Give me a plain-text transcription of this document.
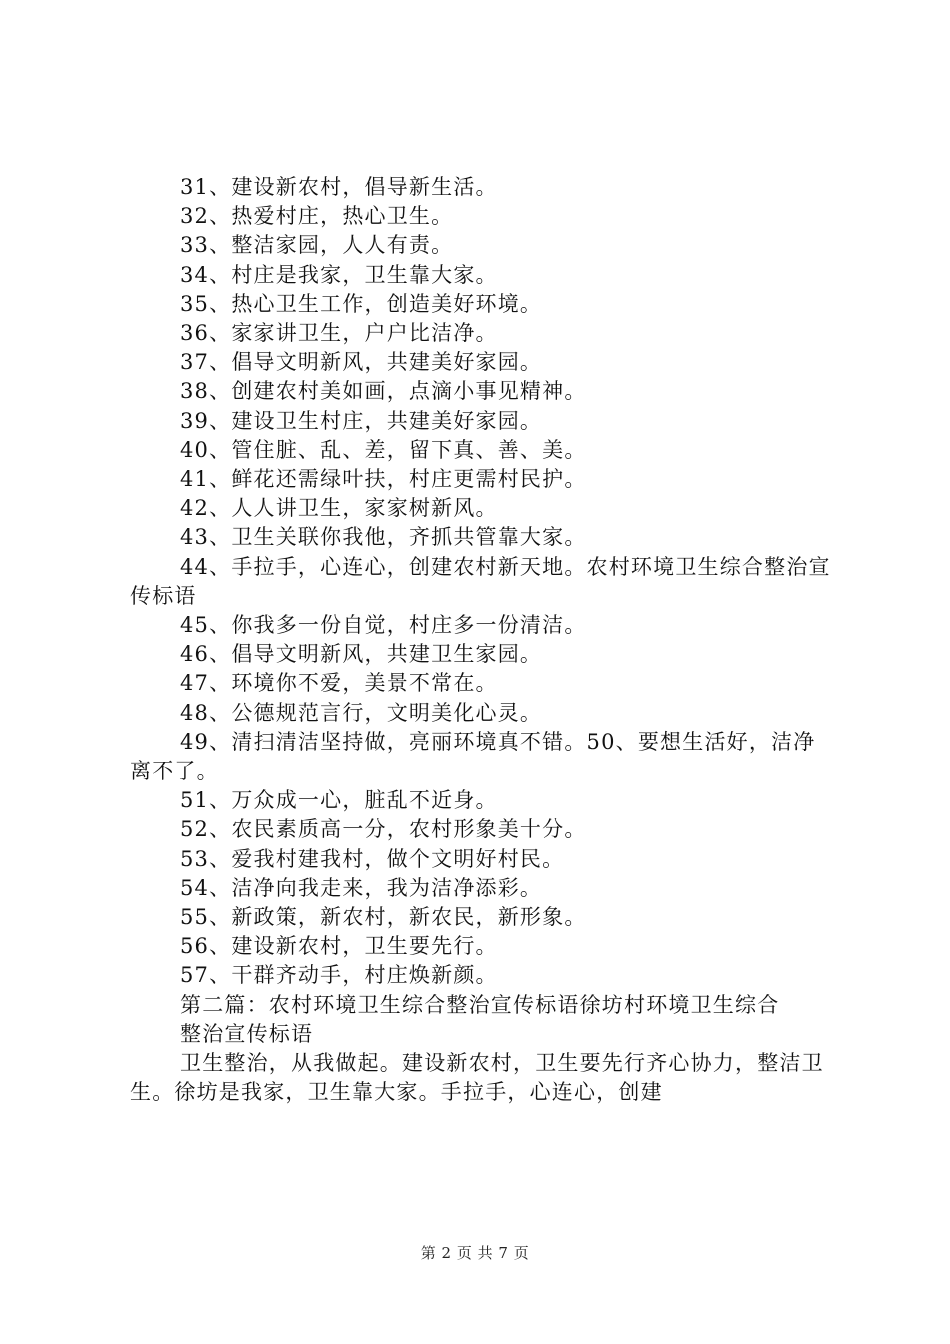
31、建设新农村，倡导新生活。

32、热爱村庄，热心卫生。

33、整洁家园，人人有责。

34、村庄是我家，卫生靠大家。

35、热心卫生工作，创造美好环境。

36、家家讲卫生，户户比洁净。

37、倡导文明新风，共建美好家园。

38、创建农村美如画，点滴小事见精神。

39、建设卫生村庄，共建美好家园。

40、管住脏、乱、差，留下真、善、美。

41、鲜花还需绿叶扶，村庄更需村民护。

42、人人讲卫生，家家树新风。

43、卫生关联你我他，齐抓共管靠大家。

44、手拉手，心连心，创建农村新天地。农村环境卫生综合整治宣传标语

45、你我多一份自觉，村庄多一份清洁。

46、倡导文明新风，共建卫生家园。

47、环境你不爱，美景不常在。

48、公德规范言行，文明美化心灵。

49、清扫清洁坚持做，亮丽环境真不错。50、要想生活好，洁净离不了。

51、万众成一心，脏乱不近身。

52、农民素质高一分，农村形象美十分。

53、爱我村建我村，做个文明好村民。

54、洁净向我走来，我为洁净添彩。

55、新政策，新农村，新农民，新形象。

56、建设新农村，卫生要先行。

57、干群齐动手，村庄焕新颜。

第二篇：农村环境卫生综合整治宣传标语徐坊村环境卫生综合

整治宣传标语

卫生整治，从我做起。建设新农村，卫生要先行齐心协力，整洁卫生。徐坊是我家，卫生靠大家。手拉手，心连心，创建

第 2 页 共 7 页
